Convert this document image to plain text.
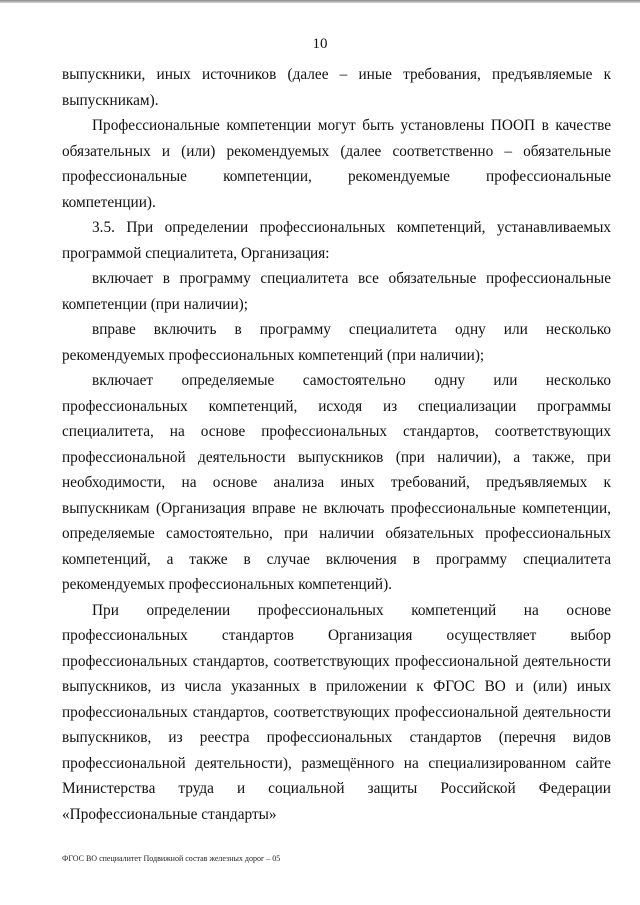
10

выпускники, иных источников (далее – иные требования, предъявляемые к выпускникам).

Профессиональные компетенции могут быть установлены ПООП в качестве обязательных и (или) рекомендуемых (далее соответственно – обязательные профессиональные компетенции, рекомендуемые профессиональные компетенции).

3.5. При определении профессиональных компетенций, устанавливаемых программой специалитета, Организация:

включает в программу специалитета все обязательные профессиональные компетенции (при наличии);

вправе включить в программу специалитета одну или несколько рекомендуемых профессиональных компетенций (при наличии);

включает определяемые самостоятельно одну или несколько профессиональных компетенций, исходя из специализации программы специалитета, на основе профессиональных стандартов, соответствующих профессиональной деятельности выпускников (при наличии), а также, при необходимости, на основе анализа иных требований, предъявляемых к выпускникам (Организация вправе не включать профессиональные компетенции, определяемые самостоятельно, при наличии обязательных профессиональных компетенций, а также в случае включения в программу специалитета рекомендуемых профессиональных компетенций).

При определении профессиональных компетенций на основе профессиональных стандартов Организация осуществляет выбор профессиональных стандартов, соответствующих профессиональной деятельности выпускников, из числа указанных в приложении к ФГОС ВО и (или) иных профессиональных стандартов, соответствующих профессиональной деятельности выпускников, из реестра профессиональных стандартов (перечня видов профессиональной деятельности), размещённого на специализированном сайте Министерства труда и социальной защиты Российской Федерации «Профессиональные стандарты»

ФГОС ВО специалитет Подвижной состав железных дорог – 05
